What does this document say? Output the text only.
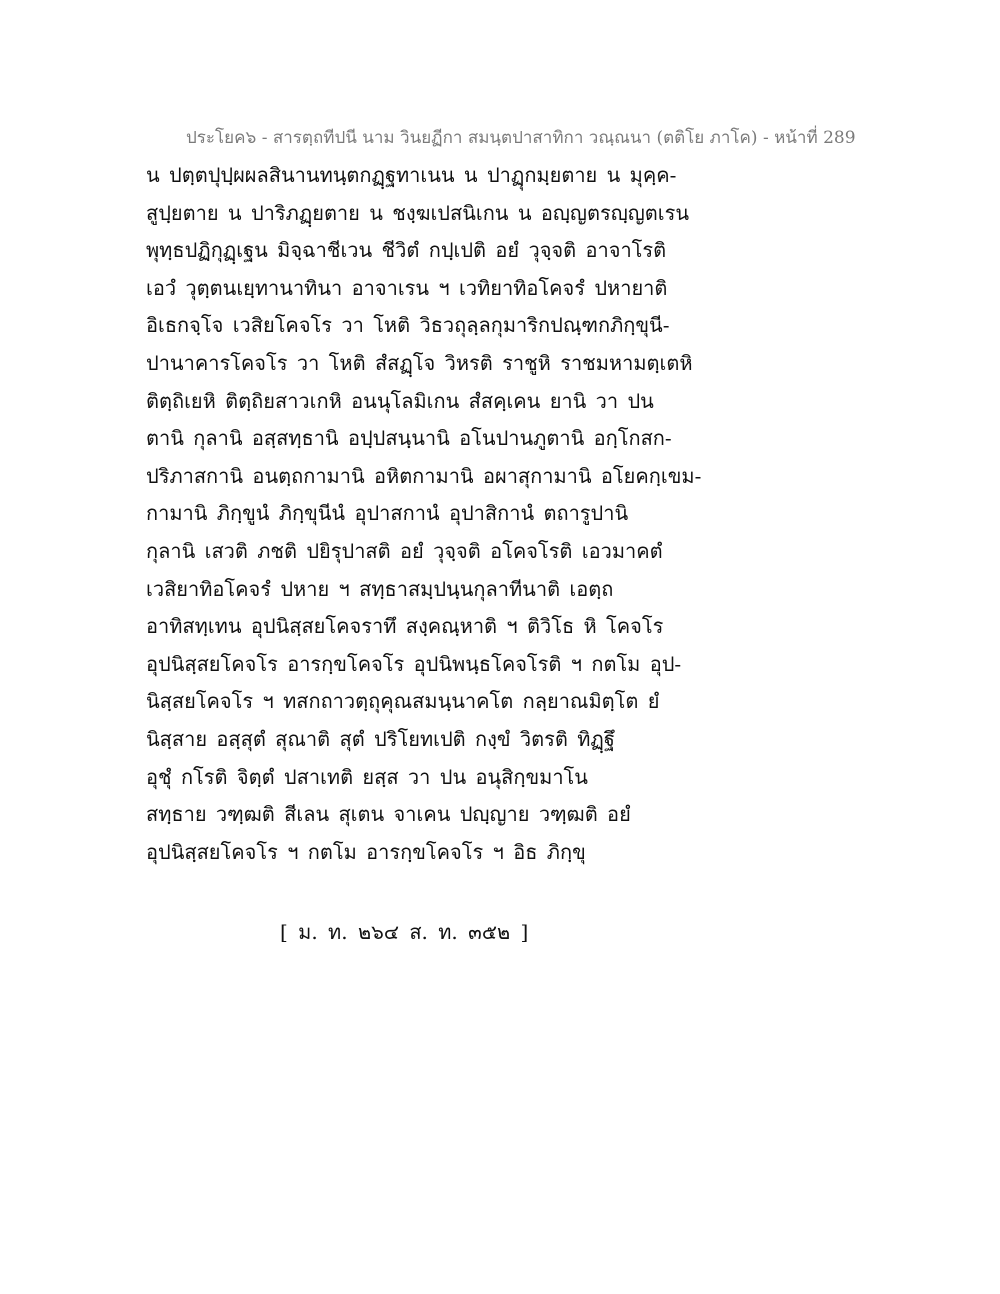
ประโยค๖ - สารตฺถทีปนี นาม วินยฏีกา สมนฺตปาสาทิกา วณฺณนา (ตติโย ภาโค) - หน้าที่ 289
น ปตฺตปุปฺผผลสินานทนฺตกฏฺฐทาเนน น ปาฏุกมฺยตาย น มุคฺค-
สูปฺยตาย น ปาริภฏฺยตาย น ชงฺฆเปสนิเกน น อญฺญตรญฺญตเรน
พุทฺธปฏิกุฏฺเฐน มิจฺฉาชีเวน ชีวิตํ กปฺเปติ อยํ วุจฺจติ อาจาโรติ
เอวํ วุตฺตนเยฺทานาทินา อาจาเรน ฯ เวทิยาทิอโคจรํ ปหายาติ
อิเธกจฺโจ เวสิยโคจโร วา โหติ วิธวถุลฺลกุมาริกปณฺฑกภิกฺขุนี-
ปานาคารโคจโร วา โหติ สํสฏฺโจ วิหรติ ราชูหิ ราชมหามตฺเตหิ
ติตฺถิเยหิ ติตฺถิยสาวเกหิ อนนุโลมิเกน สํสคฺเคน ยานิ วา ปน
ตานิ กุลานิ อสฺสทฺธานิ อปฺปสนฺนานิ อโนปานภูตานิ อกฺโกสก-
ปริภาสกานิ อนตฺถกามานิ อหิตกามานิ อผาสุกามานิ อโยคกฺเขม-
กามานิ ภิกฺขูนํ ภิกฺขุนีนํ อุปาสกานํ อุปาสิกานํ ตถารูปานิ
กุลานิ เสวติ ภชติ ปยิรุปาสติ อยํ วุจฺจติ อโคจโรติ เอวมาคตํ
เวสิยาทิอโคจรํ ปหาย ฯ สทฺธาสมฺปนฺนกุลาทีนาติ เอตฺถ
อาทิสทฺเทน อุปนิสฺสยโคจราทึ สงฺคณฺหาติ ฯ ติวิโธ หิ โคจโร
อุปนิสฺสยโคจโร อารกฺขโคจโร อุปนิพนฺธโคจโรติ ฯ กตโม อุป-
นิสฺสยโคจโร ฯ ทสกถาวตฺถุคุณสมนฺนาคโต กลฺยาณมิตฺโต ยํ
นิสฺสาย อสฺสุตํ สุณาติ สุตํ ปริโยทเปติ กงฺขํ วิตรติ ทิฏฺฐึ
อุชุํ กโรติ จิตฺตํ ปสาเทติ ยสฺส วา ปน อนุสิกฺขมาโน
สทฺธาย วฑฺฒติ สีเลน สุเตน จาเคน ปญฺญาย วฑฺฒติ อยํ
อุปนิสฺสยโคจโร ฯ กตโม อารกฺขโคจโร ฯ อิธ ภิกฺขุ
[ ม. ท. ๒๖๔ ส. ท. ๓๕๒ ]
